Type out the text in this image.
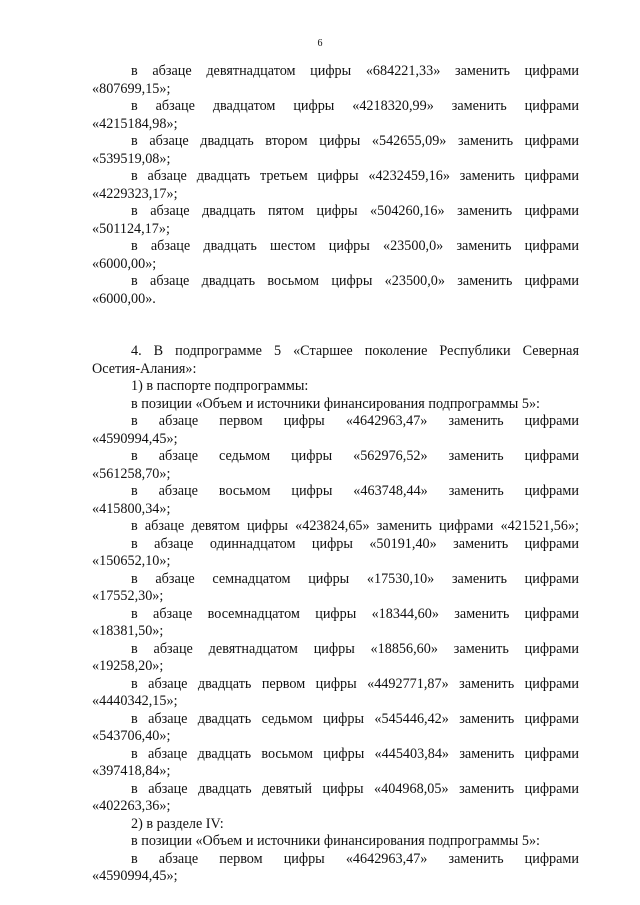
6
в абзаце девятнадцатом цифры «684221,33» заменить цифрами
«807699,15»;
в абзаце двадцатом цифры «4218320,99» заменить цифрами
«4215184,98»;
в абзаце двадцать втором цифры «542655,09» заменить цифрами
«539519,08»;
в абзаце двадцать третьем цифры «4232459,16» заменить цифрами
«4229323,17»;
в абзаце двадцать пятом цифры «504260,16» заменить цифрами
«501124,17»;
в абзаце двадцать шестом цифры «23500,0» заменить цифрами
«6000,00»;
в абзаце двадцать восьмом цифры «23500,0» заменить цифрами
«6000,00».
4. В подпрограмме 5 «Старшее поколение Республики Северная
Осетия-Алания»:
1) в паспорте подпрограммы:
в позиции «Объем и источники финансирования подпрограммы 5»:
в абзаце первом цифры «4642963,47» заменить цифрами
«4590994,45»;
в абзаце седьмом цифры «562976,52» заменить цифрами
«561258,70»;
в абзаце восьмом цифры «463748,44» заменить цифрами
«415800,34»;
в абзаце девятом цифры «423824,65» заменить цифрами «421521,56»;
в абзаце одиннадцатом цифры «50191,40» заменить цифрами
«150652,10»;
в абзаце семнадцатом цифры «17530,10» заменить цифрами
«17552,30»;
в абзаце восемнадцатом цифры «18344,60» заменить цифрами
«18381,50»;
в абзаце девятнадцатом цифры «18856,60» заменить цифрами
«19258,20»;
в абзаце двадцать первом цифры «4492771,87» заменить цифрами
«4440342,15»;
в абзаце двадцать седьмом цифры «545446,42» заменить цифрами
«543706,40»;
в абзаце двадцать восьмом цифры «445403,84» заменить цифрами
«397418,84»;
в абзаце двадцать девятый цифры «404968,05» заменить цифрами
«402263,36»;
2) в разделе IV:
в позиции «Объем и источники финансирования подпрограммы 5»:
в абзаце первом цифры «4642963,47» заменить цифрами
«4590994,45»;
